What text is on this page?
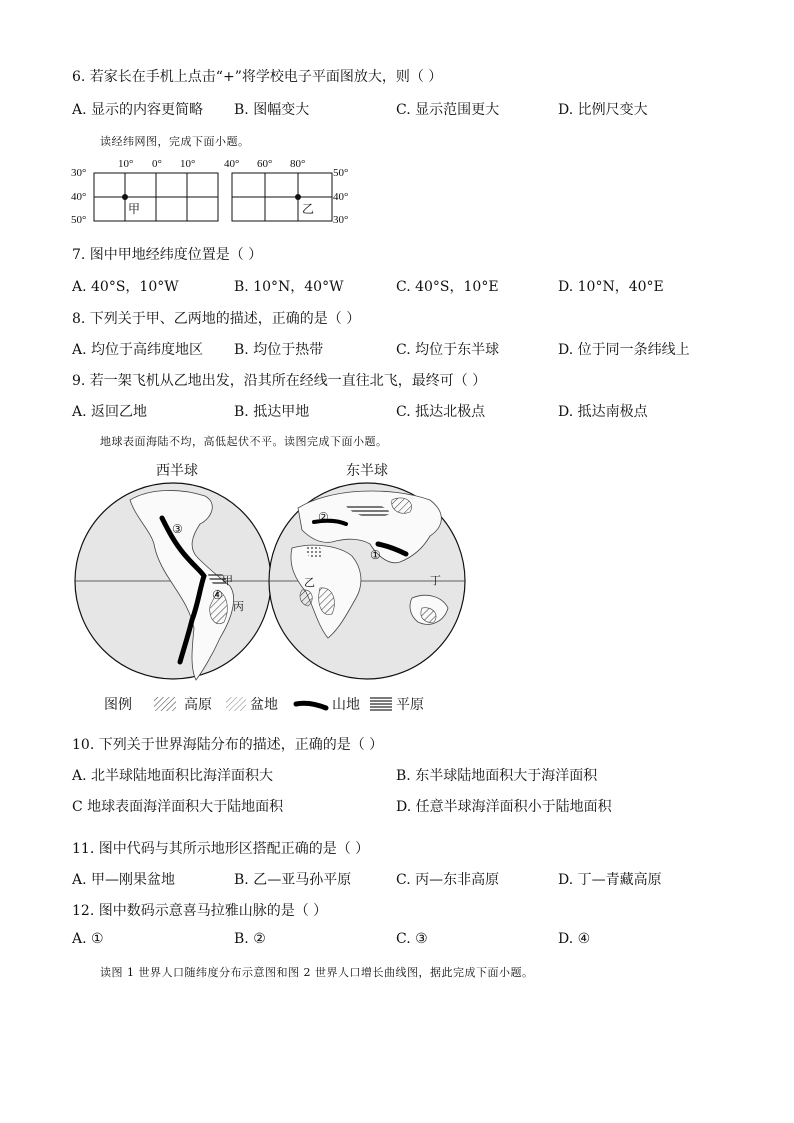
6. 若家长在手机上点击“+”将学校电子平面图放大，则（ ）
A. 显示的内容更简略 B. 图幅变大	C. 显示范围更大	D. 比例尺变大
读经纬网图，完成下面小题。
10° 0° 10°
30°
40°
50°
甲
40° 60° 80°
50°
40°
30°
乙
7. 图中甲地经纬度位置是（ ）
A. 40°S，10°W	B. 10°N，40°W	C. 40°S，10°E	D. 10°N，40°E
8. 下列关于甲、乙两地的描述，正确的是（ ）
A. 均位于高纬度地区 B. 均位于热带	C. 均位于东半球	D. 位于同一条纬线上
9. 若一架飞机从乙地出发，沿其所在经线一直往北飞，最终可（ ）
A. 返回乙地	B. 抵达甲地	C. 抵达北极点	D. 抵达南极点
地球表面海陆不均，高低起伏不平。读图完成下面小题。
西半球	东半球
③
④
甲
丙
②
①
乙	丁
图例	高原	盆地	山地	平原
10. 下列关于世界海陆分布的描述，正确的是（ ）
A. 北半球陆地面积比海洋面积大	B. 东半球陆地面积大于海洋面积
C 地球表面海洋面积大于陆地面积	D. 任意半球海洋面积小于陆地面积
11. 图中代码与其所示地形区搭配正确的是（ ）
A. 甲—刚果盆地	B. 乙—亚马孙平原	C. 丙—东非高原	D. 丁—青藏高原
12. 图中数码示意喜马拉雅山脉的是（ ）
A. ①	B. ②	C. ③	D. ④
读图 1 世界人口随纬度分布示意图和图 2 世界人口增长曲线图，据此完成下面小题。
